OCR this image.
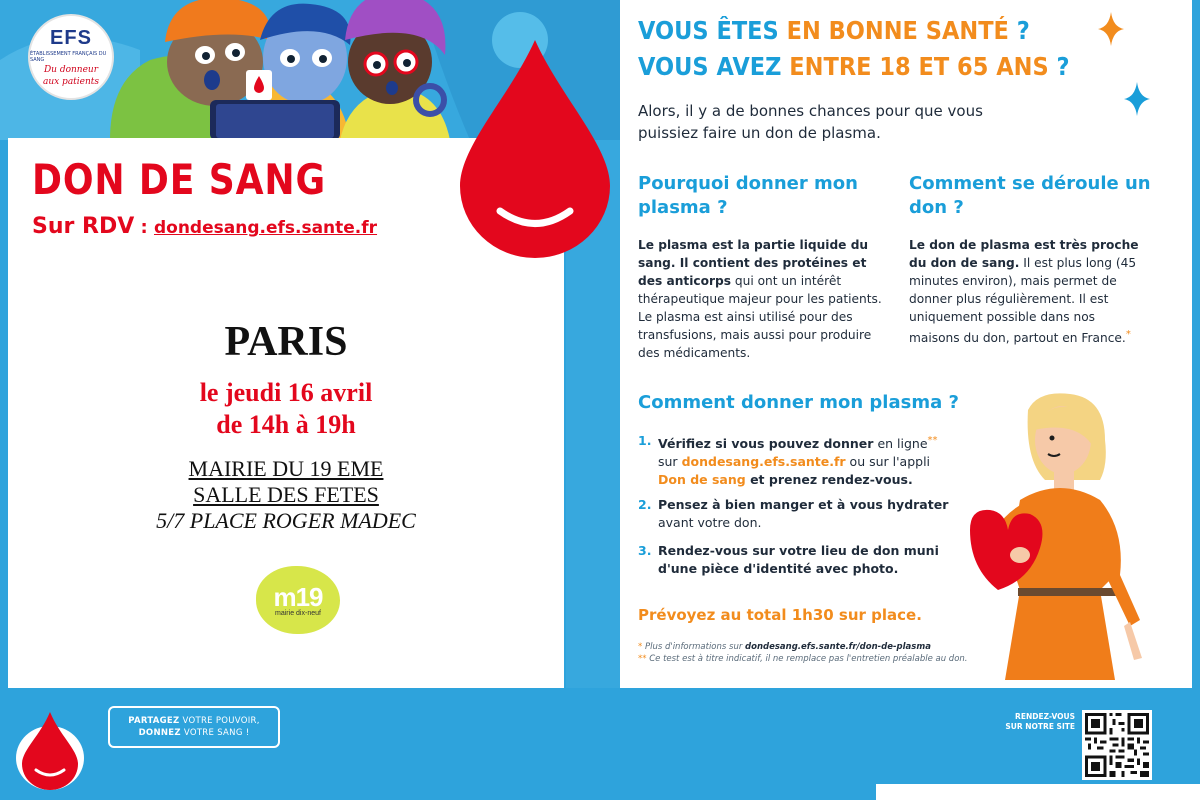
EFS
ÉTABLISSEMENT FRANÇAIS DU SANG
Du donneur
aux patients
DON DE SANG
Sur RDV : dondesang.efs.sante.fr
PARIS
le jeudi 16 avril
de 14h à 19h
MAIRIE DU 19 EME
SALLE DES FETES
5/7 PLACE ROGER MADEC
m19
mairie dix-neuf
VOUS ÊTES EN BONNE SANTÉ ?
VOUS AVEZ ENTRE 18 ET 65 ANS ?
Alors, il y a de bonnes chances pour que vous puissiez faire un don de plasma.
Pourquoi donner mon plasma ?
Le plasma est la partie liquide du sang. Il contient des protéines et des anticorps qui ont un intérêt thérapeutique majeur pour les patients. Le plasma est ainsi utilisé pour des transfusions, mais aussi pour produire des médicaments.
Comment se déroule un don ?
Le don de plasma est très proche du don de sang. Il est plus long (45 minutes environ), mais permet de donner plus régulièrement. Il est uniquement possible dans nos maisons du don, partout en France.*
Comment donner mon plasma ?
1. Vérifiez si vous pouvez donner en ligne** sur dondesang.efs.sante.fr ou sur l'appli Don de sang et prenez rendez-vous.
2. Pensez à bien manger et à vous hydrater avant votre don.
3. Rendez-vous sur votre lieu de don muni d'une pièce d'identité avec photo.
Prévoyez au total 1h30 sur place.
* Plus d'informations sur dondesang.efs.sante.fr/don-de-plasma
** Ce test est à titre indicatif, il ne remplace pas l'entretien préalable au don.
PARTAGEZ VOTRE POUVOIR,
DONNEZ VOTRE SANG !
RENDEZ-VOUS
SUR NOTRE SITE
